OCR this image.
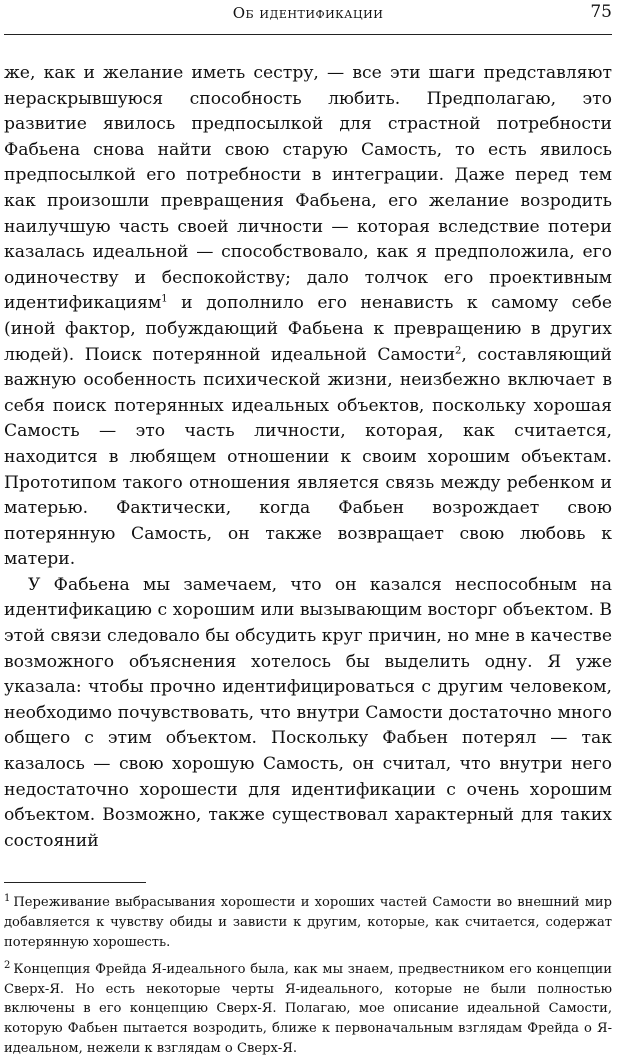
Об идентификации	75

же, как и желание иметь сестру, — все эти шаги представляют нераскрывшуюся способность любить. Предполагаю, это развитие явилось предпосылкой для страстной потребности Фабьена снова найти свою старую Самость, то есть явилось предпосылкой его потребности в интеграции. Даже перед тем как произошли превращения Фабьена, его желание возродить наилучшую часть своей личности — которая вследствие потери казалась идеальной — способствовало, как я предположила, его одиночеству и беспокойству; дало толчок его проективным идентификациям$^1$ и дополнило его ненависть к самому себе (иной фактор, побуждающий Фабьена к превращению в других людей). Поиск потерянной идеальной Самости$^2$, составляющий важную особенность психической жизни, неизбежно включает в себя поиск потерянных идеальных объектов, поскольку хорошая Самость — это часть личности, которая, как считается, находится в любящем отношении к своим хорошим объектам. Прототипом такого отношения является связь между ребенком и матерью. Фактически, когда Фабьен возрождает свою потерянную Самость, он также возвращает свою любовь к матери.

У Фабьена мы замечаем, что он казался неспособным на идентификацию с хорошим или вызывающим восторг объектом. В этой связи следовало бы обсудить круг причин, но мне в качестве возможного объяснения хотелось бы выделить одну. Я уже указала: чтобы прочно идентифицироваться с другим человеком, необходимо почувствовать, что внутри Самости достаточно много общего с этим объектом. Поскольку Фабьен потерял — так казалось — свою хорошую Самость, он считал, что внутри него недостаточно хорошести для идентификации с очень хорошим объектом. Возможно, также существовал характерный для таких состояний

$^1$ Переживание выбрасывания хорошести и хороших частей Самости во внешний мир добавляется к чувству обиды и зависти к другим, которые, как считается, содержат потерянную хорошесть.

$^2$ Концепция Фрейда Я-идеального была, как мы знаем, предвестником его концепции Сверх-Я. Но есть некоторые черты Я-идеального, которые не были полностью включены в его концепцию Сверх-Я. Полагаю, мое описание идеальной Самости, которую Фабьен пытается возродить, ближе к первоначальным взглядам Фрейда о Я-идеальном, нежели к взглядам о Сверх-Я.
